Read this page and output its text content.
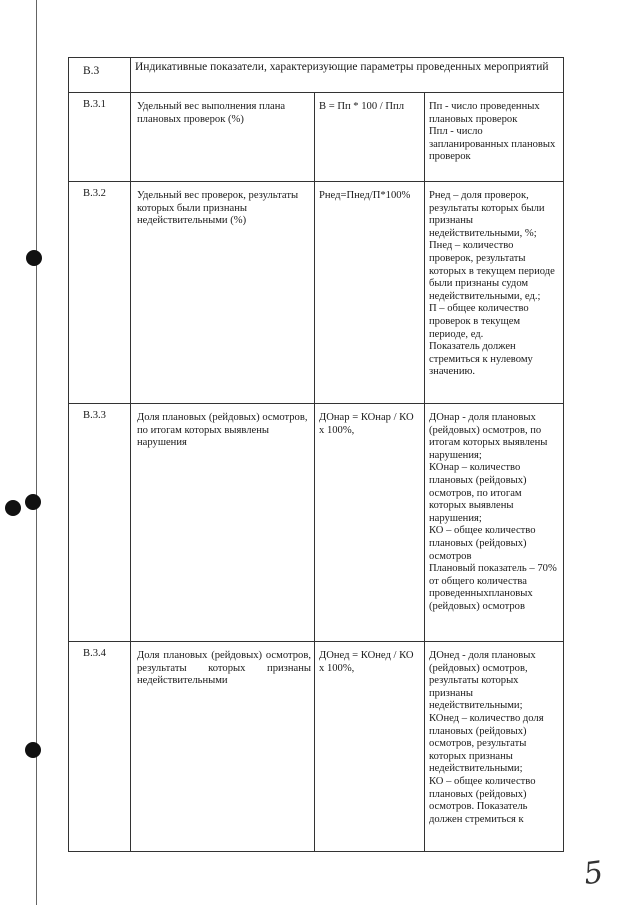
В.3	Индикативные показатели, характеризующие параметры проведенных мероприятий		
В.3.1	Удельный вес выполнения плана плановых проверок (%)	В = Пп * 100 / Ппл	Пп - число проведенных плановых проверок
Ппл - число запланированных плановых проверок

В.3.2	Удельный вес проверок, результаты которых были признаны недействительными (%)	Рнед=Пнед/П*100%	Рнед – доля проверок, результаты которых были признаны недействительными, %;
Пнед – количество проверок, результаты которых в текущем периоде были признаны судом недействительными, ед.;
П – общее количество проверок в текущем периоде, ед.
Показатель должен стремиться к нулевому значению.

В.3.3	Доля плановых (рейдовых) осмотров, по итогам которых выявлены нарушения	ДОнар = КОнар / КО х 100%,	ДОнар - доля плановых (рейдовых) осмотров, по итогам которых выявлены нарушения;
КОнар – количество плановых (рейдовых) осмотров, по итогам которых выявлены нарушения;
КО – общее количество плановых (рейдовых) осмотров
Плановый показатель – 70% от общего количества проведенныхплановых (рейдовых) осмотров

В.3.4	Доля плановых (рейдовых) осмотров, результаты которых признаны недействительными	ДОнед = КОнед / КО х 100%,	ДОнед - доля плановых (рейдовых) осмотров, результаты которых признаны недействительными;
КОнед – количество доля плановых (рейдовых) осмотров, результаты которых признаны недействительными;
КО – общее количество плановых (рейдовых) осмотров. Показатель должен стремиться к
5
